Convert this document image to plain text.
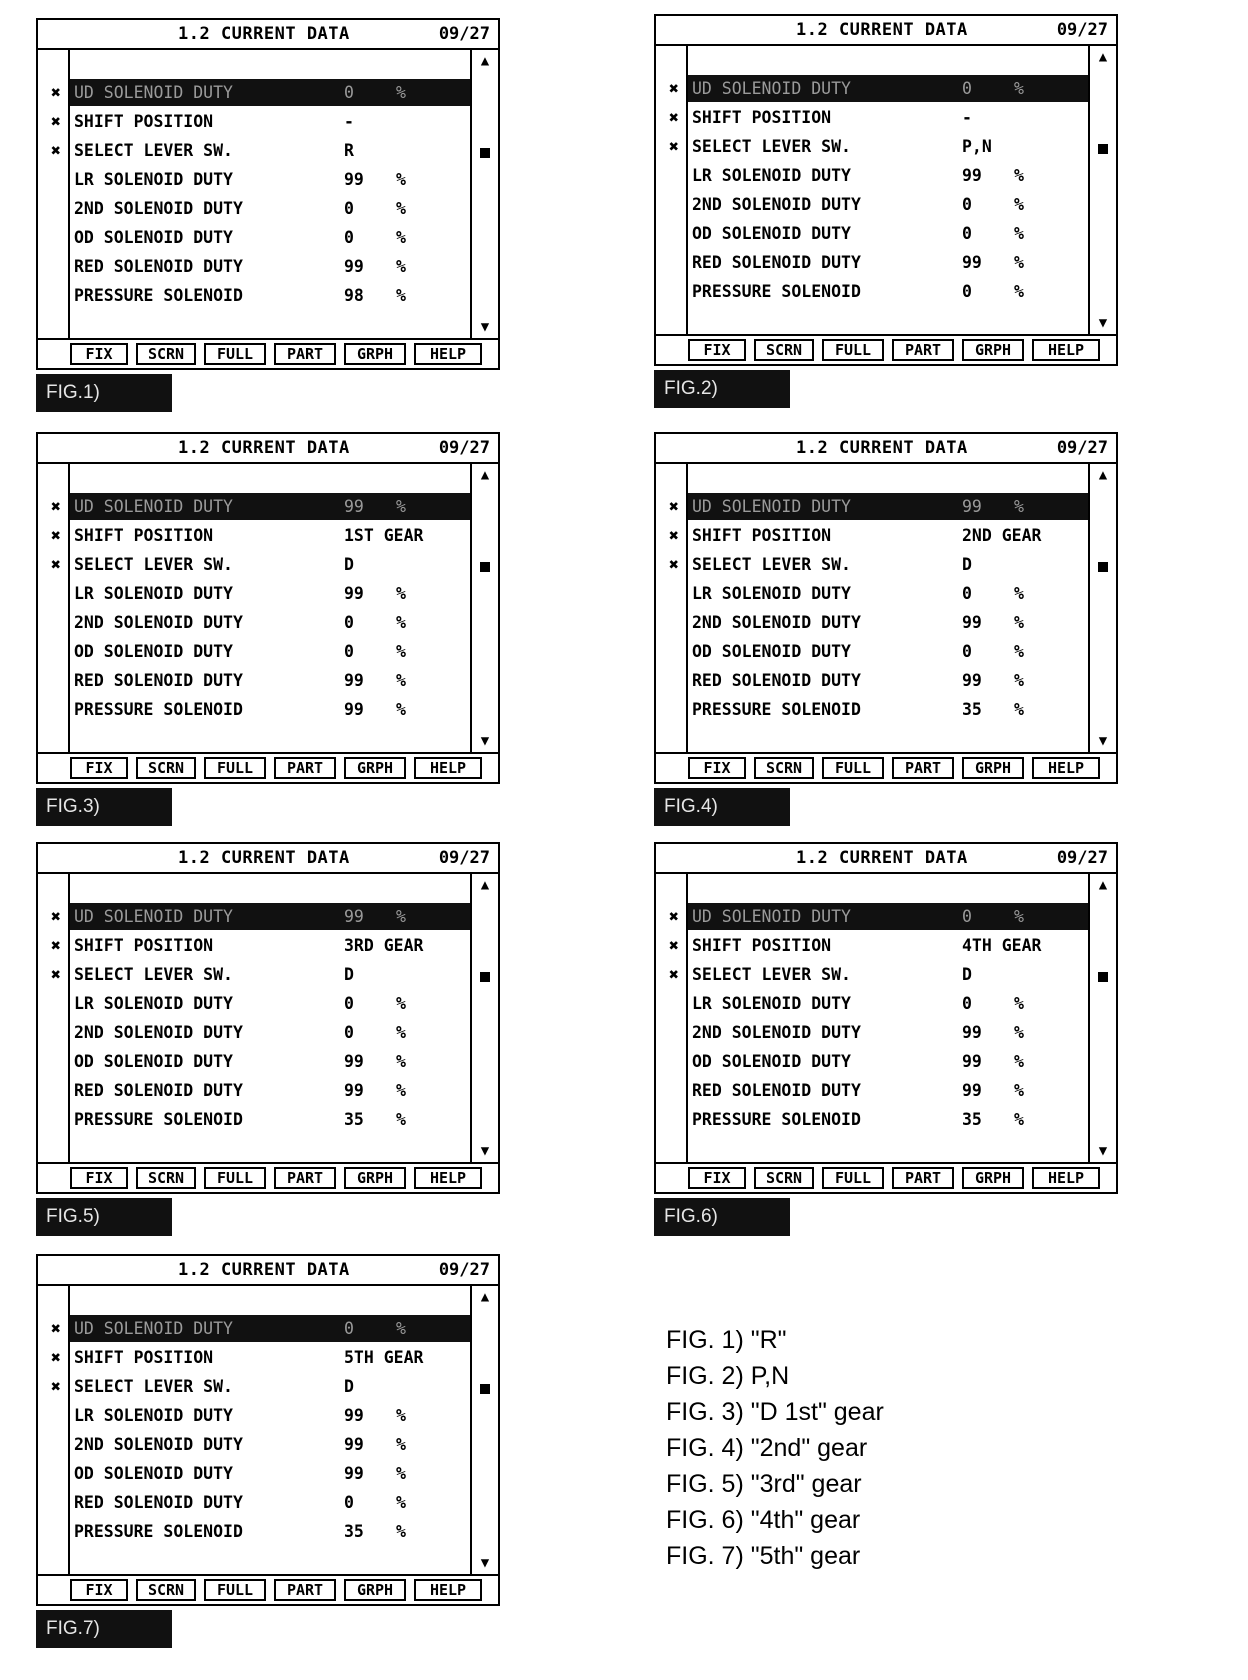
1.2 CURRENT DATA	09/27
✖ UD SOLENOID DUTY	0	%
✖ SHIFT POSITION	-
✖ SELECT LEVER SW.	R
LR SOLENOID DUTY	99 %
2ND SOLENOID DUTY	0	%
OD SOLENOID DUTY	0	%
RED SOLENOID DUTY	99 %
PRESSURE SOLENOID	98 %
▲
▼
FIX	SCRN	FULL	PART	GRPH	HELP
FIG.1)
1.2 CURRENT DATA	09/27
✖ UD SOLENOID DUTY	0	%
✖ SHIFT POSITION	-
✖ SELECT LEVER SW.	P,N
LR SOLENOID DUTY	99 %
2ND SOLENOID DUTY	0	%
OD SOLENOID DUTY	0	%
RED SOLENOID DUTY	99 %
PRESSURE SOLENOID	0	%
▲
▼
FIX	SCRN	FULL	PART	GRPH	HELP
FIG.2)
1.2 CURRENT DATA	09/27
✖ UD SOLENOID DUTY	99 %
✖ SHIFT POSITION	1ST GEAR
✖ SELECT LEVER SW.	D
LR SOLENOID DUTY	99 %
2ND SOLENOID DUTY	0	%
OD SOLENOID DUTY	0	%
RED SOLENOID DUTY	99 %
PRESSURE SOLENOID	99 %
▲
▼
FIX	SCRN	FULL	PART	GRPH	HELP
FIG.3)
1.2 CURRENT DATA	09/27
✖ UD SOLENOID DUTY	99 %
✖ SHIFT POSITION	2ND GEAR
✖ SELECT LEVER SW.	D
LR SOLENOID DUTY	0	%
2ND SOLENOID DUTY	99 %
OD SOLENOID DUTY	0	%
RED SOLENOID DUTY	99 %
PRESSURE SOLENOID	35 %
▲
▼
FIX	SCRN	FULL	PART	GRPH	HELP
FIG.4)
1.2 CURRENT DATA	09/27
✖ UD SOLENOID DUTY	99 %
✖ SHIFT POSITION	3RD GEAR
✖ SELECT LEVER SW.	D
LR SOLENOID DUTY	0	%
2ND SOLENOID DUTY	0	%
OD SOLENOID DUTY	99 %
RED SOLENOID DUTY	99 %
PRESSURE SOLENOID	35 %
▲
▼
FIX	SCRN	FULL	PART	GRPH	HELP
FIG.5)
1.2 CURRENT DATA	09/27
✖ UD SOLENOID DUTY	0	%
✖ SHIFT POSITION	4TH GEAR
✖ SELECT LEVER SW.	D
LR SOLENOID DUTY	0	%
2ND SOLENOID DUTY	99 %
OD SOLENOID DUTY	99 %
RED SOLENOID DUTY	99 %
PRESSURE SOLENOID	35 %
▲
▼
FIX	SCRN	FULL	PART	GRPH	HELP
FIG.6)
1.2 CURRENT DATA	09/27
✖ UD SOLENOID DUTY	0	%
✖ SHIFT POSITION	5TH GEAR
✖ SELECT LEVER SW.	D
LR SOLENOID DUTY	99 %
2ND SOLENOID DUTY	99 %
OD SOLENOID DUTY	99 %
RED SOLENOID DUTY	0	%
PRESSURE SOLENOID	35 %
▲
▼
FIX	SCRN	FULL	PART	GRPH	HELP
FIG.7)
FIG. 1) "R"
FIG. 2) P,N
FIG. 3) "D 1st" gear
FIG. 4) "2nd" gear
FIG. 5) "3rd" gear
FIG. 6) "4th" gear
FIG. 7) "5th" gear
